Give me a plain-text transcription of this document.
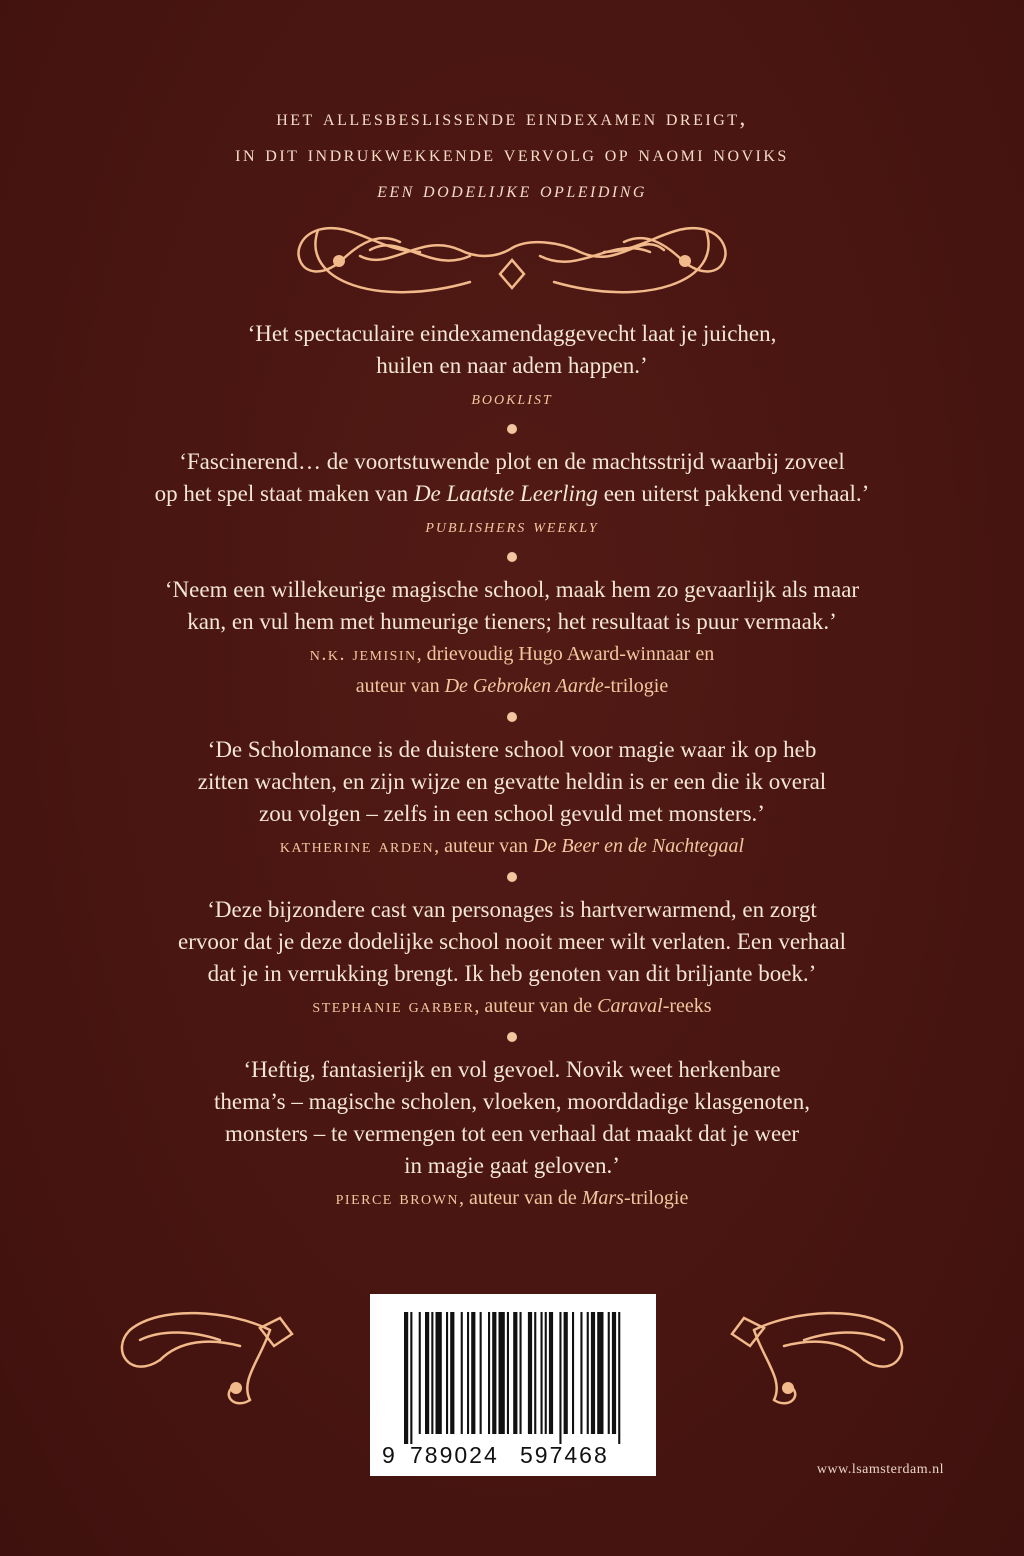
het allesbeslissende eindexamen dreigt,
in dit indrukwekkende vervolg op naomi noviks
een dodelijke opleiding
‘Het spectaculaire eindexamendaggevecht laat je juichen,
huilen en naar adem happen.’
booklist
‘Fascinerend… de voortstuwende plot en de machtsstrijd waarbij zoveel
op het spel staat maken van De Laatste Leerling een uiterst pakkend verhaal.’
publishers weekly
‘Neem een willekeurige magische school, maak hem zo gevaarlijk als maar
kan, en vul hem met humeurige tieners; het resultaat is puur vermaak.’
n.k. jemisin, drievoudig Hugo Award-winnaar en
auteur van De Gebroken Aarde-trilogie
‘De Scholomance is de duistere school voor magie waar ik op heb
zitten wachten, en zijn wijze en gevatte heldin is er een die ik overal
zou volgen – zelfs in een school gevuld met monsters.’
katherine arden, auteur van De Beer en de Nachtegaal
‘Deze bijzondere cast van personages is hartverwarmend, en zorgt
ervoor dat je deze dodelijke school nooit meer wilt verlaten. Een verhaal
dat je in verrukking brengt. Ik heb genoten van dit briljante boek.’
stephanie garber, auteur van de Caraval-reeks
‘Heftig, fantasierijk en vol gevoel. Novik weet herkenbare
thema’s – magische scholen, vloeken, moorddadige klasgenoten,
monsters – te vermengen tot een verhaal dat maakt dat je weer
in magie gaat geloven.’
pierce brown, auteur van de Mars-trilogie
9 789024 597468
www.lsamsterdam.nl
